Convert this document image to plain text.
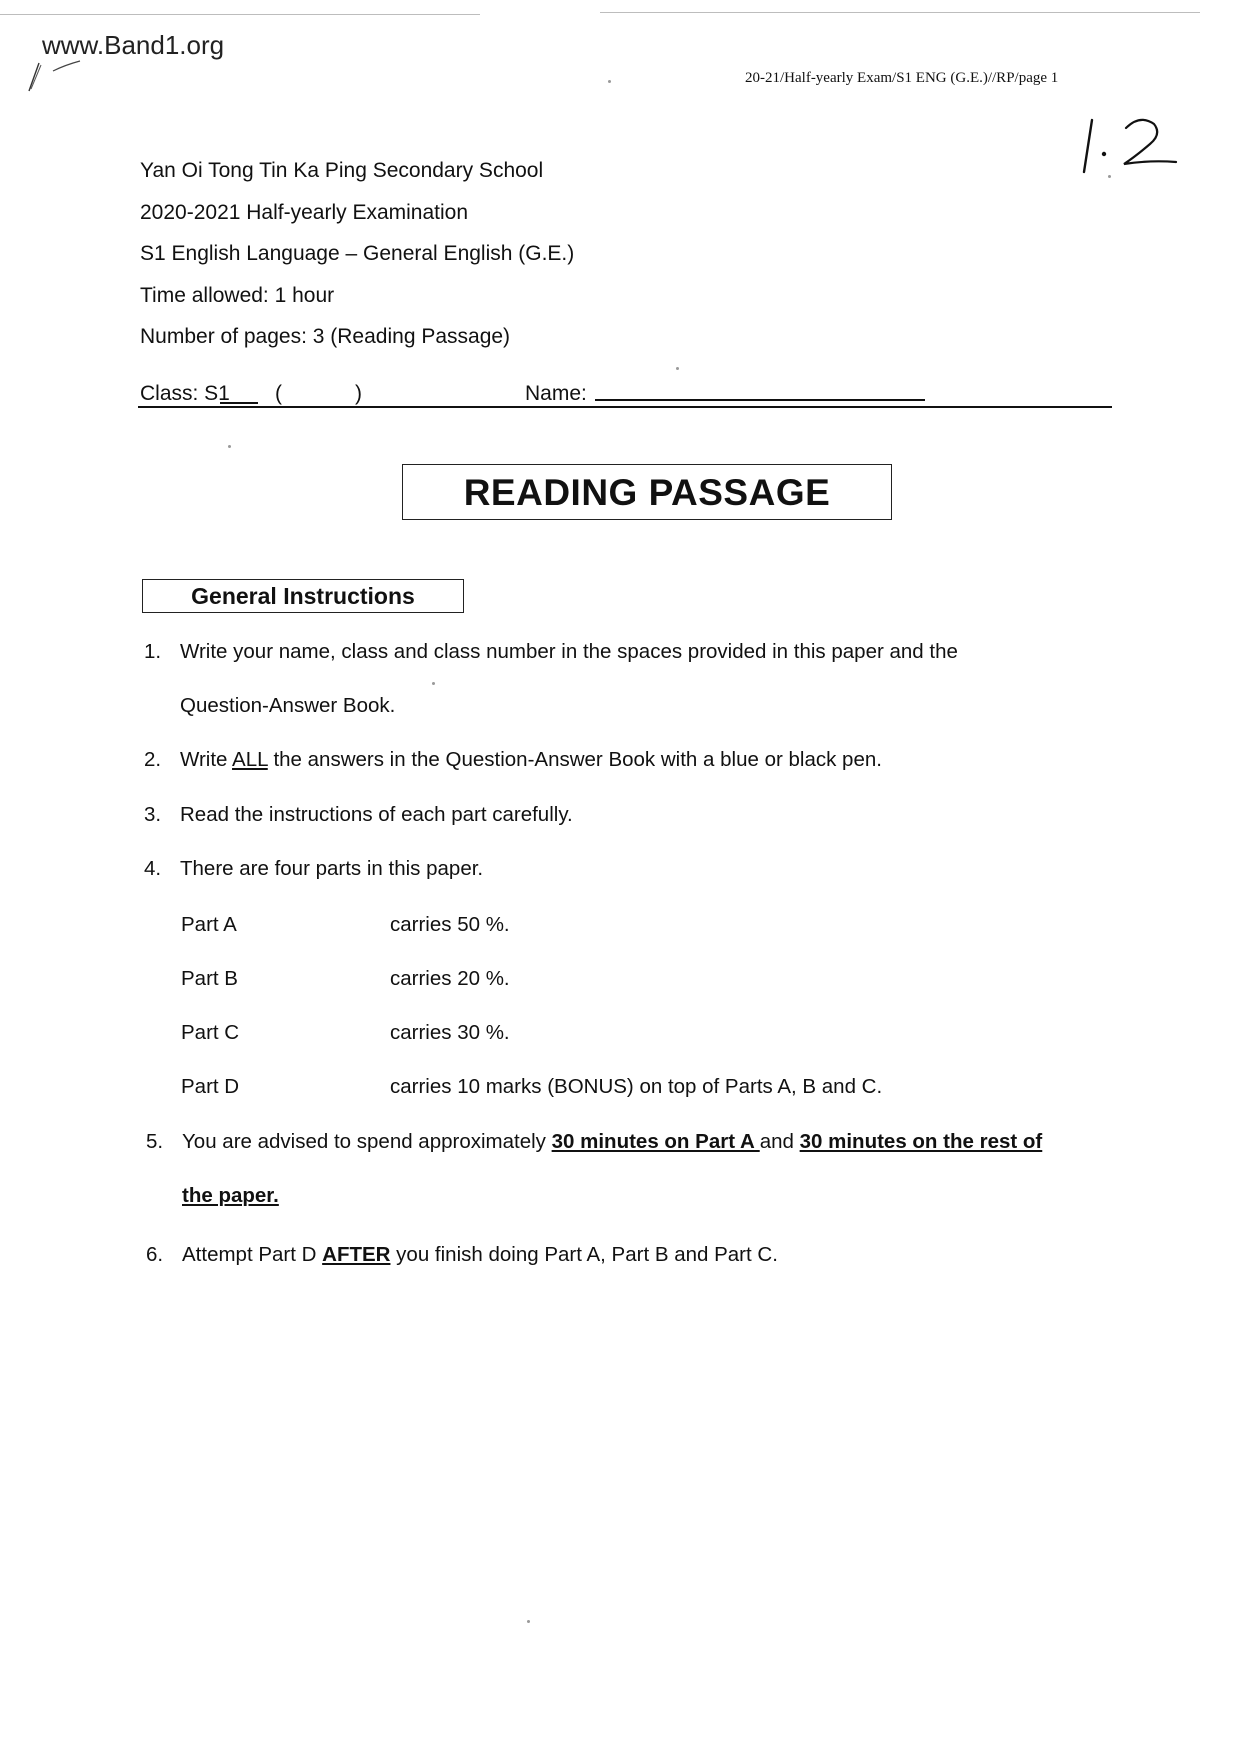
www.Band1.org
20-21/Half-yearly Exam/S1 ENG (G.E.)//RP/page 1
Yan Oi Tong Tin Ka Ping Secondary School
2020-2021 Half-yearly Examination
S1 English Language – General English (G.E.)
Time allowed: 1 hour
Number of pages: 3 (Reading Passage)
Class: S1 (	)	Name:
READING PASSAGE
General Instructions
1. Write your name, class and class number in the spaces provided in this paper and the
Question-Answer Book.
2. Write ALL the answers in the Question-Answer Book with a blue or black pen.
3. Read the instructions of each part carefully.
4. There are four parts in this paper.
Part A	carries 50 %.
Part B	carries 20 %.
Part C	carries 30 %.
Part D	carries 10 marks (BONUS) on top of Parts A, B and C.
5. You are advised to spend approximately 30 minutes on Part A and 30 minutes on the rest of
the paper.
6. Attempt Part D AFTER you finish doing Part A, Part B and Part C.
